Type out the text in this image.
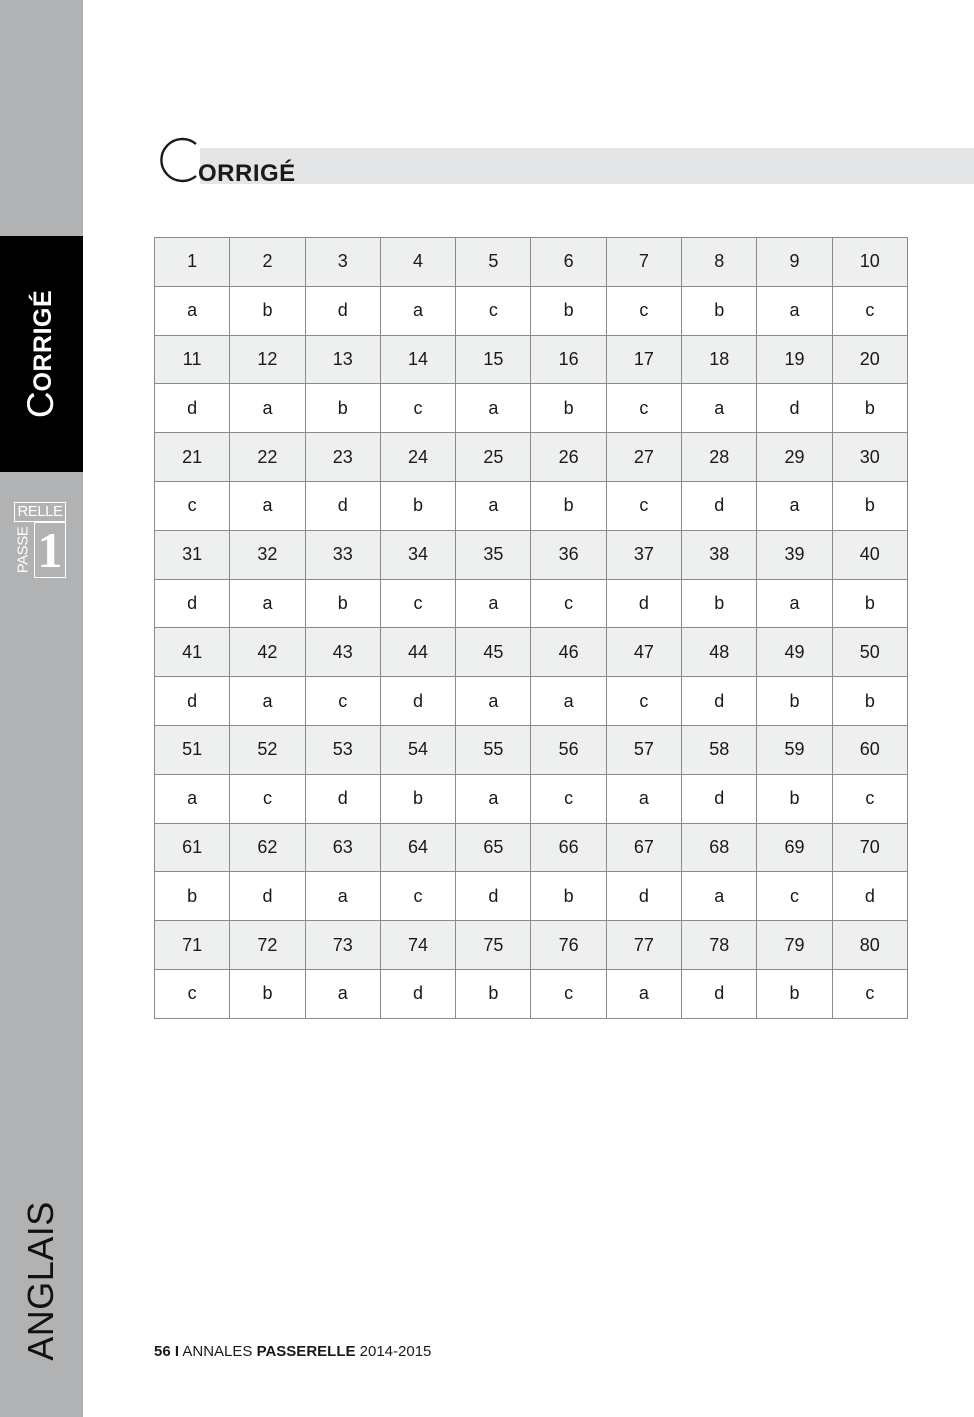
CORRIGÉ
RELLE
PASSE 1
ANGLAIS
ORRIGÉ
1	2	3	4	5	6	7	8	9	10
a	b	d	a	c	b	c	b	a	c
11	12	13	14	15	16	17	18	19	20
d	a	b	c	a	b	c	a	d	b
21	22	23	24	25	26	27	28	29	30
c	a	d	b	a	b	c	d	a	b
31	32	33	34	35	36	37	38	39	40
d	a	b	c	a	c	d	b	a	b
41	42	43	44	45	46	47	48	49	50
d	a	c	d	a	a	c	d	b	b
51	52	53	54	55	56	57	58	59	60
a	c	d	b	a	c	a	d	b	c
61	62	63	64	65	66	67	68	69	70
b	d	a	c	d	b	d	a	c	d
71	72	73	74	75	76	77	78	79	80
c	b	a	d	b	c	a	d	b	c
56 I ANNALES PASSERELLE 2014-2015
